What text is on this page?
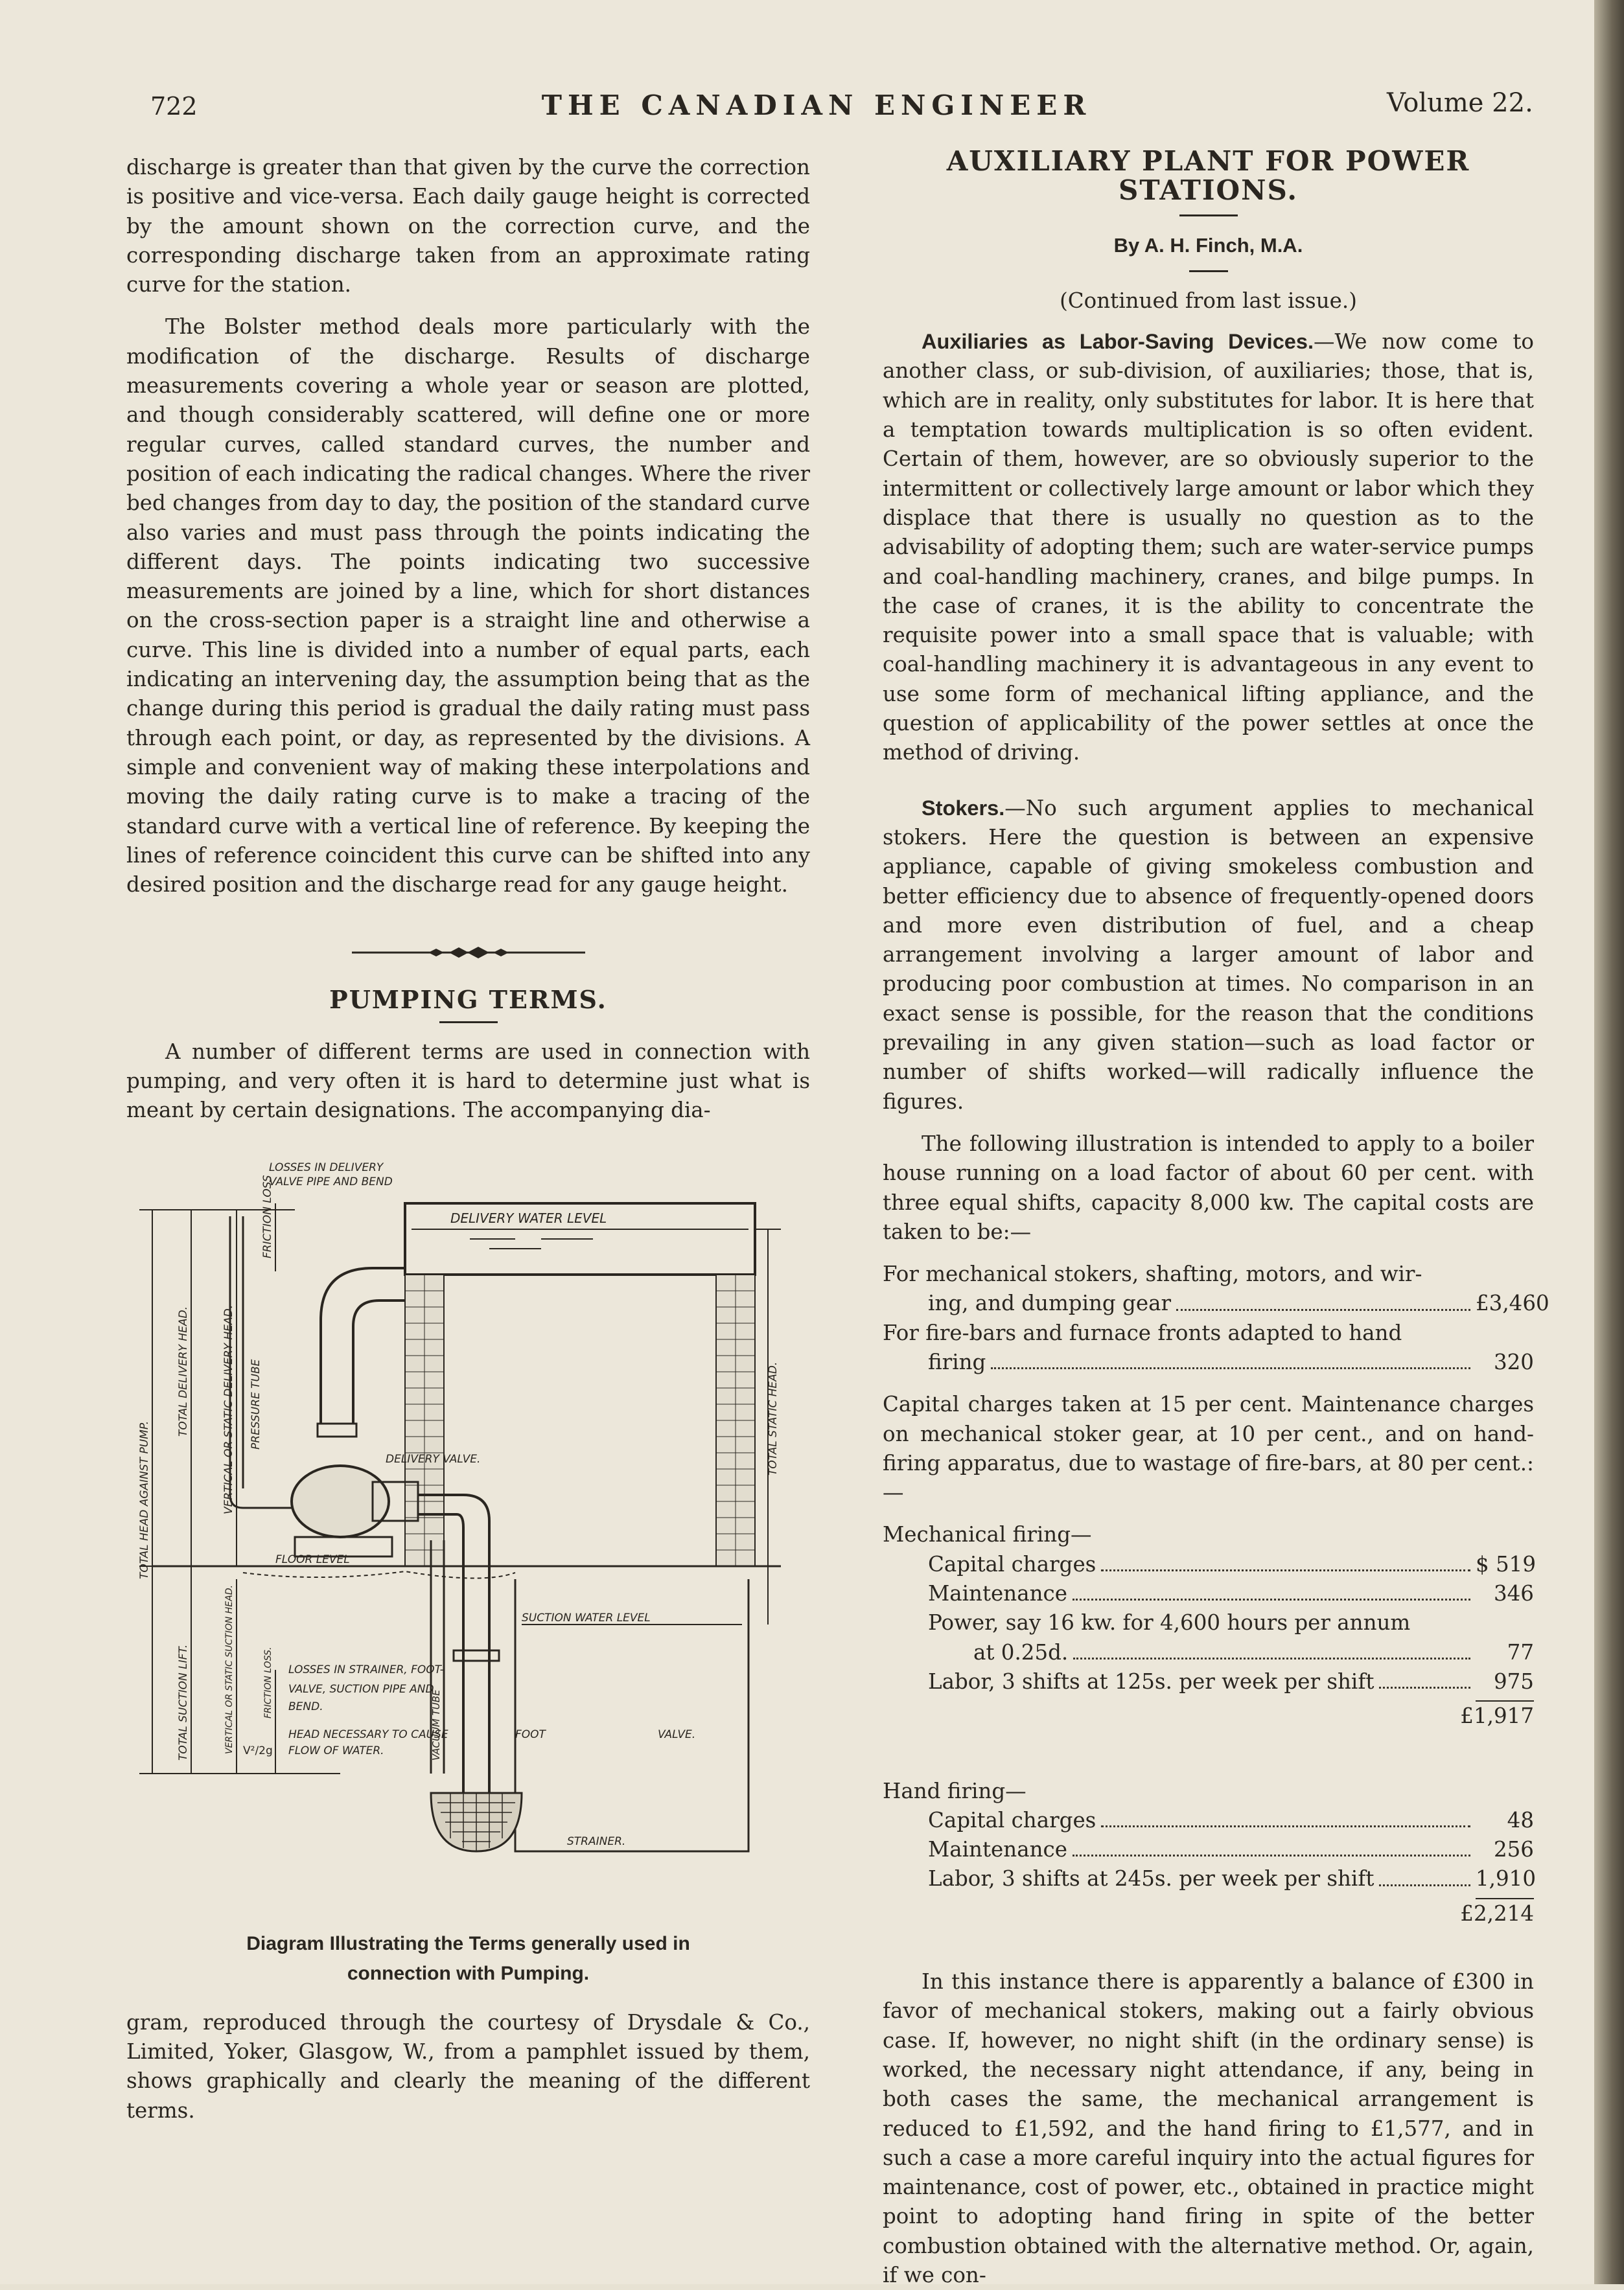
722	THE CANADIAN ENGINEER	Volume 22.

discharge is greater than that given by the curve the correction is positive and vice-versa. Each daily gauge height is corrected by the amount shown on the correction curve, and the corresponding discharge taken from an approximate rating curve for the station.

The Bolster method deals more particularly with the modification of the discharge. Results of discharge measurements covering a whole year or season are plotted, and though considerably scattered, will define one or more regular curves, called standard curves, the number and position of each indicating the radical changes. Where the river bed changes from day to day, the position of the standard curve also varies and must pass through the points indicating the different days. The points indicating two successive measurements are joined by a line, which for short distances on the cross-section paper is a straight line and otherwise a curve. This line is divided into a number of equal parts, each indicating an intervening day, the assumption being that as the change during this period is gradual the daily rating must pass through each point, or day, as represented by the divisions. A simple and convenient way of making these interpolations and moving the daily rating curve is to make a tracing of the standard curve with a vertical line of reference. By keeping the lines of reference coincident this curve can be shifted into any desired position and the discharge read for any gauge height.

PUMPING TERMS.

A number of different terms are used in connection with pumping, and very often it is hard to determine just what is meant by certain designations. The accompanying dia-

LOSSES IN DELIVERY
VALVE PIPE AND BEND
DELIVERY WATER LEVEL
DELIVERY VALVE.
FLOOR LEVEL
SUCTION WATER LEVEL
LOSSES IN STRAINER, FOOT-
VALVE, SUCTION PIPE AND
BEND.
HEAD NECESSARY TO CAUSE
FLOW OF WATER.
V²/2g
FOOT	VALVE.
STRAINER.
TOTAL HEAD AGAINST PUMP.
TOTAL DELIVERY HEAD.
TOTAL SUCTION LIFT.
VERTICAL OR STATIC DELIVERY HEAD.
FRICTION LOSS
PRESSURE TUBE	TOTAL STATIC HEAD.
VERTICAL OR STATIC SUCTION HEAD.	FRICTION LOSS.
VACUUM TUBE
Diagram Illustrating the Terms generally used in
connection with Pumping.

gram, reproduced through the courtesy of Drysdale & Co., Limited, Yoker, Glasgow, W., from a pamphlet issued by them, shows graphically and clearly the meaning of the different terms.

AUXILIARY PLANT FOR POWER STATIONS.
By A. H. Finch, M.A.
(Continued from last issue.)

Auxiliaries as Labor-Saving Devices.—We now come to another class, or sub-division, of auxiliaries; those, that is, which are in reality, only substitutes for labor. It is here that a temptation towards multiplication is so often evident. Certain of them, however, are so obviously superior to the intermittent or collectively large amount or labor which they displace that there is usually no question as to the advisability of adopting them; such are water-service pumps and coal-handling machinery, cranes, and bilge pumps. In the case of cranes, it is the ability to concentrate the requisite power into a small space that is valuable; with coal-handling machinery it is advantageous in any event to use some form of mechanical lifting appliance, and the question of applicability of the power settles at once the method of driving.

Stokers.—No such argument applies to mechanical stokers. Here the question is between an expensive appliance, capable of giving smokeless combustion and better efficiency due to absence of frequently-opened doors and more even distribution of fuel, and a cheap arrangement involving a larger amount of labor and producing poor combustion at times. No comparison in an exact sense is possible, for the reason that the conditions prevailing in any given station—such as load factor or number of shifts worked—will radically influence the figures.

The following illustration is intended to apply to a boiler house running on a load factor of about 60 per cent. with three equal shifts, capacity 8,000 kw. The capital costs are taken to be:—

For mechanical stokers, shafting, motors, and wir-
ing, and dumping gear	£3,460
For fire-bars and furnace fronts adapted to hand
firing	320

Capital charges taken at 15 per cent. Maintenance charges on mechanical stoker gear, at 10 per cent., and on hand-firing apparatus, due to wastage of fire-bars, at 80 per cent.:—

Mechanical firing—
Capital charges	$ 519
Maintenance	346
Power, say 16 kw. for 4,600 hours per annum
at 0.25d.	77
Labor, 3 shifts at 125s. per week per shift	975
£1,917
Hand firing—
Capital charges	48
Maintenance	256
Labor, 3 shifts at 245s. per week per shift	1,910
£2,214

In this instance there is apparently a balance of £300 in favor of mechanical stokers, making out a fairly obvious case. If, however, no night shift (in the ordinary sense) is worked, the necessary night attendance, if any, being in both cases the same, the mechanical arrangement is reduced to £1,592, and the hand firing to £1,577, and in such a case a more careful inquiry into the actual figures for maintenance, cost of power, etc., obtained in practice might point to adopting hand firing in spite of the better combustion obtained with the alternative method. Or, again, if we con-
